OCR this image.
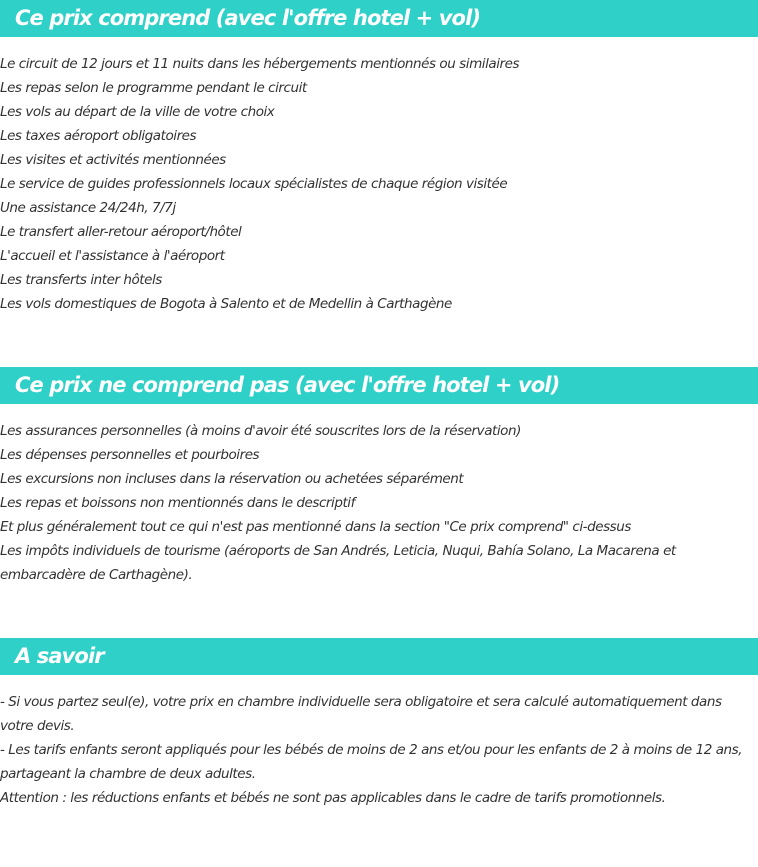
Ce prix comprend (avec l'offre hotel + vol)
Le circuit de 12 jours et 11 nuits dans les hébergements mentionnés ou similaires
Les repas selon le programme pendant le circuit
Les vols au départ de la ville de votre choix
Les taxes aéroport obligatoires
Les visites et activités mentionnées
Le service de guides professionnels locaux spécialistes de chaque région visitée
Une assistance 24/24h, 7/7j
Le transfert aller-retour aéroport/hôtel
L'accueil et l'assistance à l'aéroport
Les transferts inter hôtels
Les vols domestiques de Bogota à Salento et de Medellin à Carthagène
Ce prix ne comprend pas (avec l'offre hotel + vol)
Les assurances personnelles (à moins d'avoir été souscrites lors de la réservation)
Les dépenses personnelles et pourboires
Les excursions non incluses dans la réservation ou achetées séparément
Les repas et boissons non mentionnés dans le descriptif
Et plus généralement tout ce qui n'est pas mentionné dans la section "Ce prix comprend" ci-dessus
Les impôts individuels de tourisme (aéroports de San Andrés, Leticia, Nuqui, Bahía Solano, La Macarena et embarcadère de Carthagène).
A savoir
- Si vous partez seul(e), votre prix en chambre individuelle sera obligatoire et sera calculé automatiquement dans votre devis.
- Les tarifs enfants seront appliqués pour les bébés de moins de 2 ans et/ou pour les enfants de 2 à moins de 12 ans, partageant la chambre de deux adultes.
Attention : les réductions enfants et bébés ne sont pas applicables dans le cadre de tarifs promotionnels.
